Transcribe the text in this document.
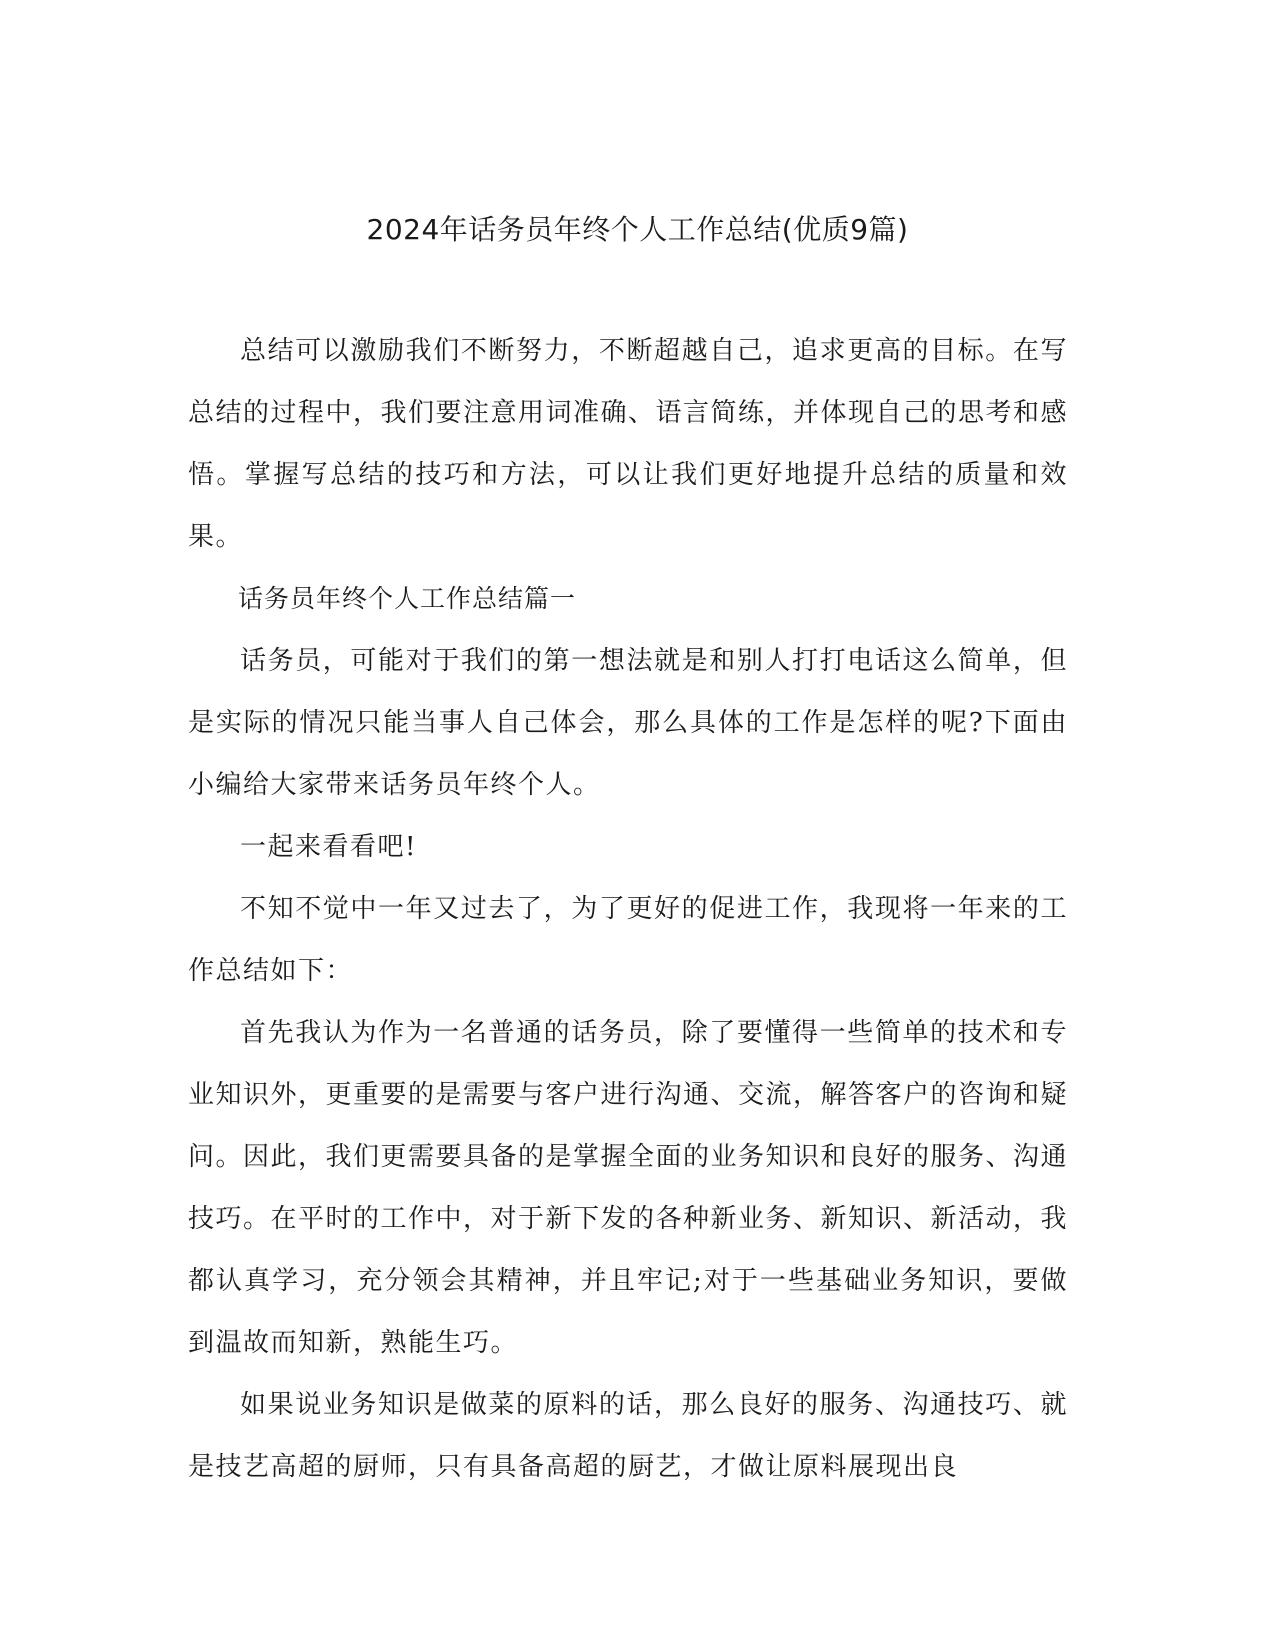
2024年话务员年终个人工作总结(优质9篇)

总结可以激励我们不断努力，不断超越自己，追求更高的目标。在写总结的过程中，我们要注意用词准确、语言简练，并体现自己的思考和感悟。掌握写总结的技巧和方法，可以让我们更好地提升总结的质量和效果。

话务员年终个人工作总结篇一

话务员，可能对于我们的第一想法就是和别人打打电话这么简单，但是实际的情况只能当事人自己体会，那么具体的工作是怎样的呢?下面由小编给大家带来话务员年终个人。

一起来看看吧!

不知不觉中一年又过去了，为了更好的促进工作，我现将一年来的工作总结如下：

首先我认为作为一名普通的话务员，除了要懂得一些简单的技术和专业知识外，更重要的是需要与客户进行沟通、交流，解答客户的咨询和疑问。因此，我们更需要具备的是掌握全面的业务知识和良好的服务、沟通技巧。在平时的工作中，对于新下发的各种新业务、新知识、新活动，我都认真学习，充分领会其精神，并且牢记;对于一些基础业务知识，要做到温故而知新，熟能生巧。

如果说业务知识是做菜的原料的话，那么良好的服务、沟通技巧、就是技艺高超的厨师，只有具备高超的厨艺，才做让原料展现出良
